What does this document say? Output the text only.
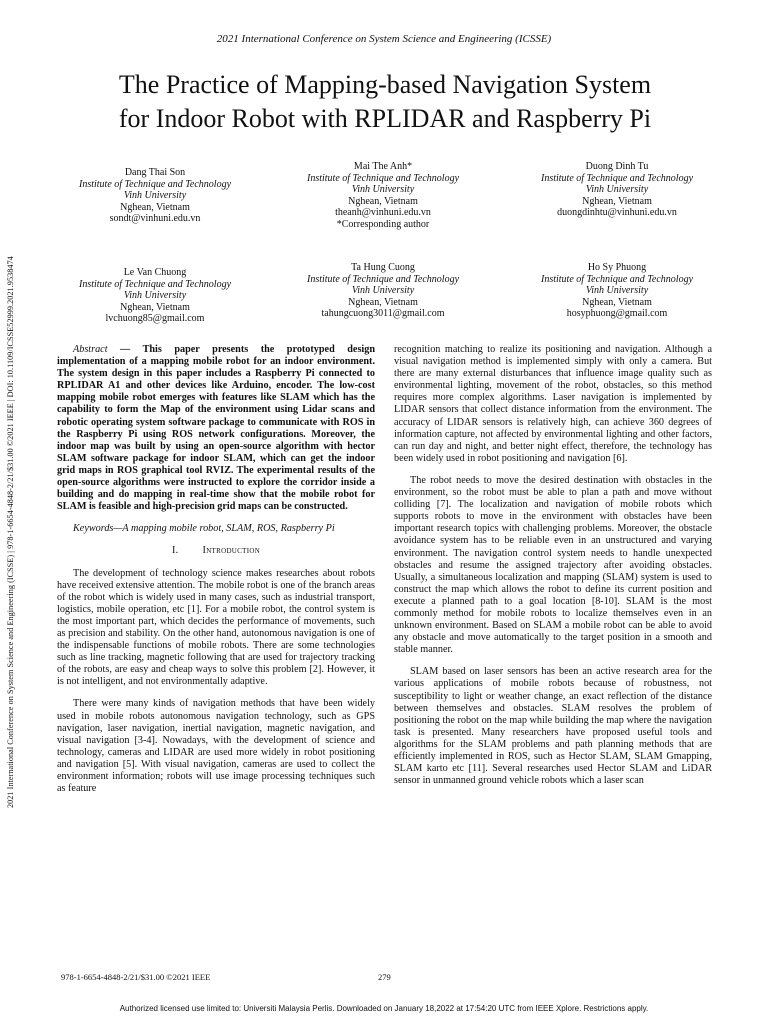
2021 International Conference on System Science and Engineering (ICSSE)
The Practice of Mapping-based Navigation System
for Indoor Robot with RPLIDAR and Raspberry Pi
2021 International Conference on System Science and Engineering (ICSSE) | 978-1-6654-4848-2/21/$31.00 ©2021 IEEE | DOI: 10.1109/ICSSE52999.2021.9538474
Dang Thai Son
Institute of Technique and Technology
Vinh University
Nghean, Vietnam
sondt@vinhuni.edu.vn
Mai The Anh*
Institute of Technique and Technology
Vinh University
Nghean, Vietnam
theanh@vinhuni.edu.vn
*Corresponding author
Duong Dinh Tu
Institute of Technique and Technology
Vinh University
Nghean, Vietnam
duongdinhtu@vinhuni.edu.vn
Le Van Chuong
Institute of Technique and Technology
Vinh University
Nghean, Vietnam
lvchuong85@gmail.com
Ta Hung Cuong
Institute of Technique and Technology
Vinh University
Nghean, Vietnam
tahungcuong3011@gmail.com
Ho Sy Phuong
Institute of Technique and Technology
Vinh University
Nghean, Vietnam
hosyphuong@gmail.com

Abstract — This paper presents the prototyped design implementation of a mapping mobile robot for an indoor environment. The system design in this paper includes a Raspberry Pi connected to RPLIDAR A1 and other devices like Arduino, encoder. The low-cost mapping mobile robot emerges with features like SLAM which has the capability to form the Map of the environment using Lidar scans and robotic operating system software package to communicate with ROS in the Raspberry Pi using ROS network configurations. Moreover, the indoor map was built by using an open-source algorithm with hector SLAM software package for indoor SLAM, which can get the indoor grid maps in ROS graphical tool RVIZ. The experimental results of the open-source algorithms were instructed to explore the corridor inside a building and do mapping in real-time show that the mobile robot for SLAM is feasible and high-precision grid maps can be constructed.

Keywords—A mapping mobile robot, SLAM, ROS, Raspberry Pi

I. Introduction

The development of technology science makes researches about robots have received extensive attention. The mobile robot is one of the branch areas of the robot which is widely used in many cases, such as industrial transport, logistics, mobile operation, etc [1]. For a mobile robot, the control system is the most important part, which decides the performance of movements, such as precision and stability. On the other hand, autonomous navigation is one of the indispensable functions of mobile robots. There are some technologies such as line tracking, magnetic following that are used for trajectory tracking of the robots, are easy and cheap ways to solve this problem [2]. However, it is not intelligent, and not environmentally adaptive.

There were many kinds of navigation methods that have been widely used in mobile robots autonomous navigation technology, such as GPS navigation, laser navigation, inertial navigation, magnetic navigation, and visual navigation [3-4]. Nowadays, with the development of science and technology, cameras and LIDAR are used more widely in robot positioning and navigation [5]. With visual navigation, cameras are used to collect the environment information; robots will use image processing techniques such as feature

recognition matching to realize its positioning and navigation. Although a visual navigation method is implemented simply with only a camera. But there are many external disturbances that influence image quality such as environmental lighting, movement of the robot, obstacles, so this method requires more complex algorithms. Laser navigation is implemented by LIDAR sensors that collect distance information from the environment. The accuracy of LIDAR sensors is relatively high, can achieve 360 degrees of information capture, not affected by environmental lighting and other factors, can run day and night, and better night effect, therefore, the technology has been widely used in robot positioning and navigation [6].

The robot needs to move the desired destination with obstacles in the environment, so the robot must be able to plan a path and move without colliding [7]. The localization and navigation of mobile robots which supports robots to move in the environment with obstacles have been important research topics with challenging problems. Moreover, the obstacle avoidance system has to be reliable even in an unstructured and varying environment. The navigation control system needs to handle unexpected obstacles and resume the assigned trajectory after avoiding obstacles. Usually, a simultaneous localization and mapping (SLAM) system is used to construct the map which allows the robot to define its current position and execute a planned path to a goal location [8-10]. SLAM is the most commonly method for mobile robots to localize themselves even in an unknown environment. Based on SLAM a mobile robot can be able to avoid any obstacle and move automatically to the target position in a smooth and stable manner.

SLAM based on laser sensors has been an active research area for the various applications of mobile robots because of robustness, not susceptibility to light or weather change, an exact reflection of the distance between themselves and obstacles. SLAM resolves the problem of positioning the robot on the map while building the map where the navigation task is presented. Many researchers have proposed useful tools and algorithms for the SLAM problems and path planning methods that are efficiently implemented in ROS, such as Hector SLAM, SLAM Gmapping, SLAM karto etc [11]. Several researches used Hector SLAM and LiDAR sensor in unmanned ground vehicle robots which a laser scan

978-1-6654-4848-2/21/$31.00 ©2021 IEEE	279
Authorized licensed use limited to: Universiti Malaysia Perlis. Downloaded on January 18,2022 at 17:54:20 UTC from IEEE Xplore. Restrictions apply.
